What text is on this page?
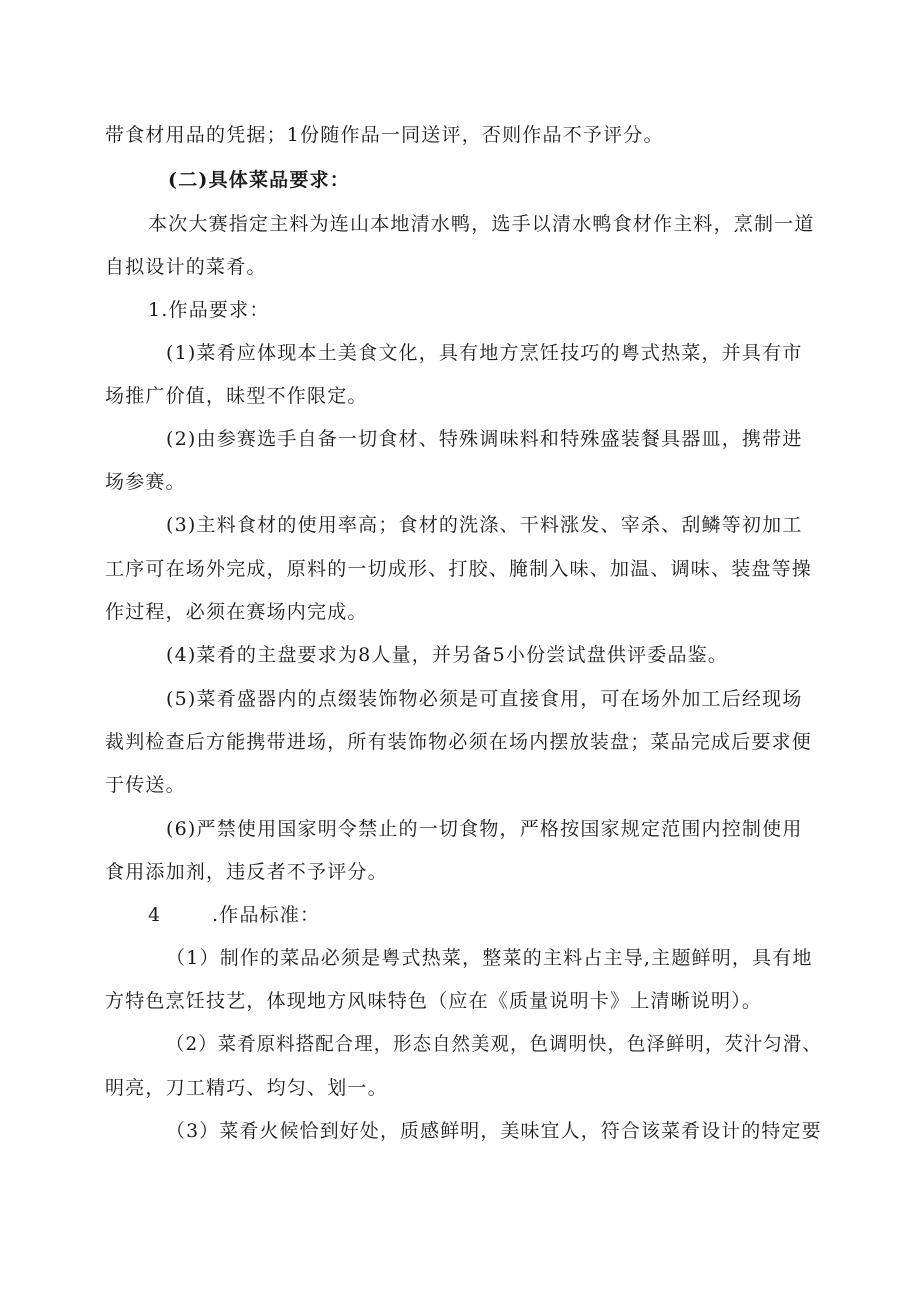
带食材用品的凭据；1份随作品一同送评，否则作品不予评分。
(二)具体菜品要求：
本次大赛指定主料为连山本地清水鸭，选手以清水鸭食材作主料，烹制一道
自拟设计的菜肴。
1.作品要求：
(1)菜肴应体现本土美食文化，具有地方烹饪技巧的粤式热菜，并具有市
场推广价值，昧型不作限定。
(2)由参赛选手自备一切食材、特殊调味料和特殊盛装餐具器皿，携带进
场参赛。
(3)主料食材的使用率高；食材的洗涤、干料涨发、宰杀、刮鳞等初加工
工序可在场外完成，原料的一切成形、打胶、腌制入味、加温、调味、装盘等操
作过程，必须在赛场内完成。
(4)菜肴的主盘要求为8人量，并另备5小份尝试盘供评委品鉴。
(5)菜肴盛器内的点缀装饰物必须是可直接食用，可在场外加工后经现场
裁判检查后方能携带进场，所有装饰物必须在场内摆放装盘；菜品完成后要求便
于传送。
(6)严禁使用国家明令禁止的一切食物，严格按国家规定范围内控制使用
食用添加剂，违反者不予评分。
4	.作品标准：
（1）制作的菜品必须是粤式热菜，整菜的主料占主导,主题鲜明，具有地
方特色烹饪技艺，体现地方风味特色（应在《质量说明卡》上清晰说明）。
（2）菜肴原料搭配合理，形态自然美观，色调明快，色泽鲜明，芡汁匀滑、
明亮，刀工精巧、均匀、划一。
（3）菜肴火候恰到好处，质感鲜明，美味宜人，符合该菜肴设计的特定要
